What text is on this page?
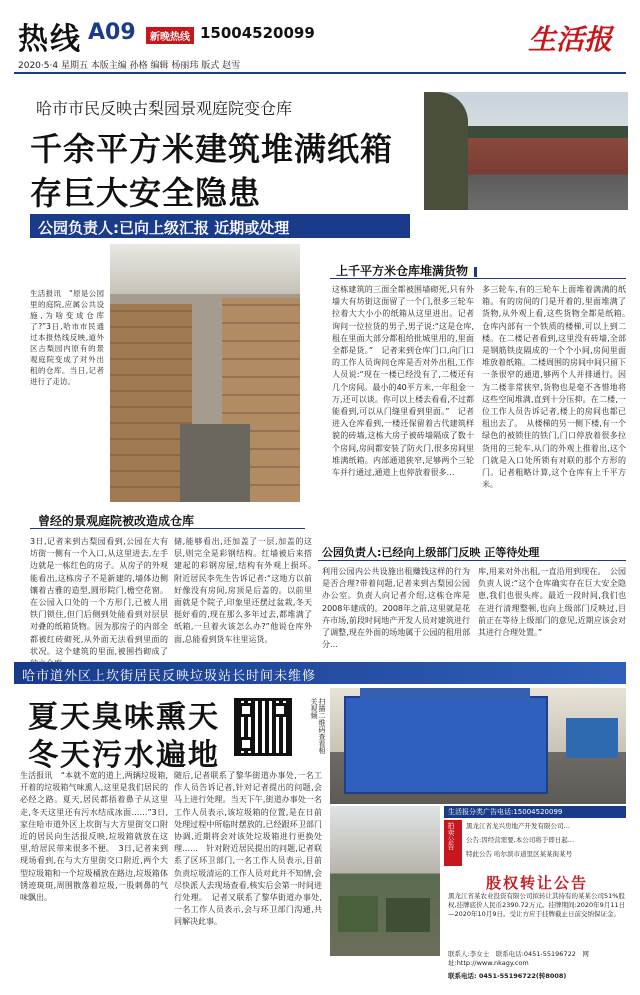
热线 A09	新晚热线 15004520099	生活报
2020·5·4 星期五 本版主编 孙格 编辑 杨丽玮 版式 赵雪
哈市市民反映古梨园景观庭院变仓库
千余平方米建筑堆满纸箱
存巨大安全隐患
公园负责人:已向上级汇报 近期或处理
生活报讯　“原是公园里的庭院,应属公共设施,为啥变成仓库了?”3日,哈市市民通过本报热线反映,道外区古梨园内原有的景观庭院变成了对外出租的仓库。当日,记者进行了走访。
曾经的景观庭院被改造成仓库
上千平方米仓库堆满货物
这栋建筑的三面全都被围墙砌死,只有外墙大有坊街这面留了一个门,很多三轮车拉着大大小小的纸箱从这里进出。记者询问一位拉货的男子,男子说:“这是仓库,租在里面大部分都租给批城里用的,里面全都是货。”　记者来到仓库门口,向门口的工作人员询问仓库是否对外出租,工作人员说:“现在一楼已经没有了,二楼还有几个房间。最小的40平方米,一年租金一万,还可以谈。你可以上楼去看看,不过都能看到,可以从门缝里看到里面。”　记者进入仓库看到,一楼还保留着古代建筑样貌的砖墙,这栋大房子被砖墙隔成了数十个房间,房间都安装了防火门,很多房间里堆满纸箱。内部通道狭窄,足够两个三轮车并行通过,通道上也停放着很多…
多三轮车,有的三轮车上面堆着满满的纸箱。有的房间的门是开着的,里面堆满了货物,从外观上看,这些货物全都是纸箱。　仓库内部有一个铁质的楼梯,可以上到二楼。在二楼记者看到,这里没有砖墙,全部是钢筋铁皮隔成的一个个小间,房间里面堆放着纸箱。二楼周围的房间中间只留下一条很窄的通道,够两个人并排通行。因为二楼非常狭窄,货物也是毫不吝惜地将这些空间堆满,直到十分压抑。在二楼,一位工作人员告诉记者,楼上的房间也都已租出去了。　从楼梯的另一侧下楼,有一个绿色的被锁住的铁门,门口停放着很多拉货用的三轮车,从门的外观上推着出,这个门就是入口处所锁有对联的那个方形的门。记者粗略计算,这个仓库有上千平方米。
3日,记者来到古梨园看到,公园在大有坊街一侧有一个入口,从这里进去,左手边就是一栋红色的房子。从房子的外观能看出,这栋房子不是新建的,墙体边侧镶着古雅的造型,圆形院门,檐空花窗。在公园入口处的一个方形门,已被人用铁门锁住,但门后侧到处能看到对层层对叠的纸箱货物。因为那房子的内部全都被红砖砌死,从外面无法看到里面的状况。这个建筑的里面,被围挡砌成了
储,能够看出,还加盖了一层,加盖的这层,则完全是彩钢结构。红墙被后来搭建起的彩钢房屋,结构有外观上损坏。　附近居民李先生告诉记者:“这地方以前好像没有房间,房顶是后盖的。以前里面就是个院子,印象里还摆过盆栽,冬天挺好看的,现在那么多年过去,都堆满了纸箱,一旦着火该怎么办?”他说仓库外面,总能看到货车往里运货。
公园负责人:已经向上级部门反映 正等待处理
利用公园内公共设施出租赚钱这样的行为是否合理?带着问题,记者来到古梨园公园办公室。负责人向记者介绍,这栋仓库是2008年建成的。2008年之前,这里就是花卉市场,前段时间地产开发人员对建筑进行了调整,现在外面的场地属于公园的租用部分…
库,用来对外出租,一直沿用到现在。　公园负责人说:“这个仓库确实存在巨大安全隐患,我们也很头疼。最近一段时间,我们也在进行清理整顿,也向上级部门反映过,目前正在等待上级部门的意见,近期应该会对其进行合理处置。”
哈市道外区上坎街居民反映垃圾站长时间未维修
夏天臭味熏天
冬天污水遍地
扫描二维码查看相关视频
生活报讯　“本就不宽的道上,两辆垃圾箱,开着的垃圾箱气味熏人,这里是我们居民的必经之路。夏天,居民都捂着鼻子从这里走,冬天这里还有污水结成冰面……”3日,家住哈市道外区上坎街与大方里街交口附近的居民向生活报反映,垃圾箱就放在这里,给居民带来很多不便。　3日,记者来到现场看到,在与大方里街交口附近,两个大型垃圾箱和一个垃圾桶放在路边,垃圾箱体锈迹斑斑,周围散落着垃圾,一股刺鼻的气味飘出。
随后,记者联系了黎华街道办事处,一名工作人员告诉记者,针对记者提出的问题,会马上进行处理。当天下午,街道办事处一名工作人员表示,该垃圾箱的位置,是在日前处理过程中所临时摆放的,已经跟环卫部门协调,近期将会对该处垃圾箱进行更换处理……　针对附近居民提出的问题,记者联系了区环卫部门,一名工作人员表示,目前负责垃圾清运的工作人员对此并不知情,会尽快派人去现场查看,核实后会第一时间进行处理。　记者又联系了黎华街道办事处,一名工作人员表示,会与环卫部门沟通,共同解决此事。
生活报分类广告电话:15004520099
拍卖公告 黑龙江省龙兴房地产开发有限公司…
公告:因经营需要,本公司将于即日起…
特此公告 哈尔滨市道里区某某街某号
股权转让公告
黑龙江省某农业投资有限公司拟转让其持有的某某公司51%股权,挂牌底价人民币2390.72万元。挂牌期间:2020年9月11日—2020年10月9日。受让方应于挂牌截止日前交纳保证金。
联系人:李女士　联系电话:0451-55196722　网址:http://www.nkagy.com
联系电话: 0451-55196722(转8008)
